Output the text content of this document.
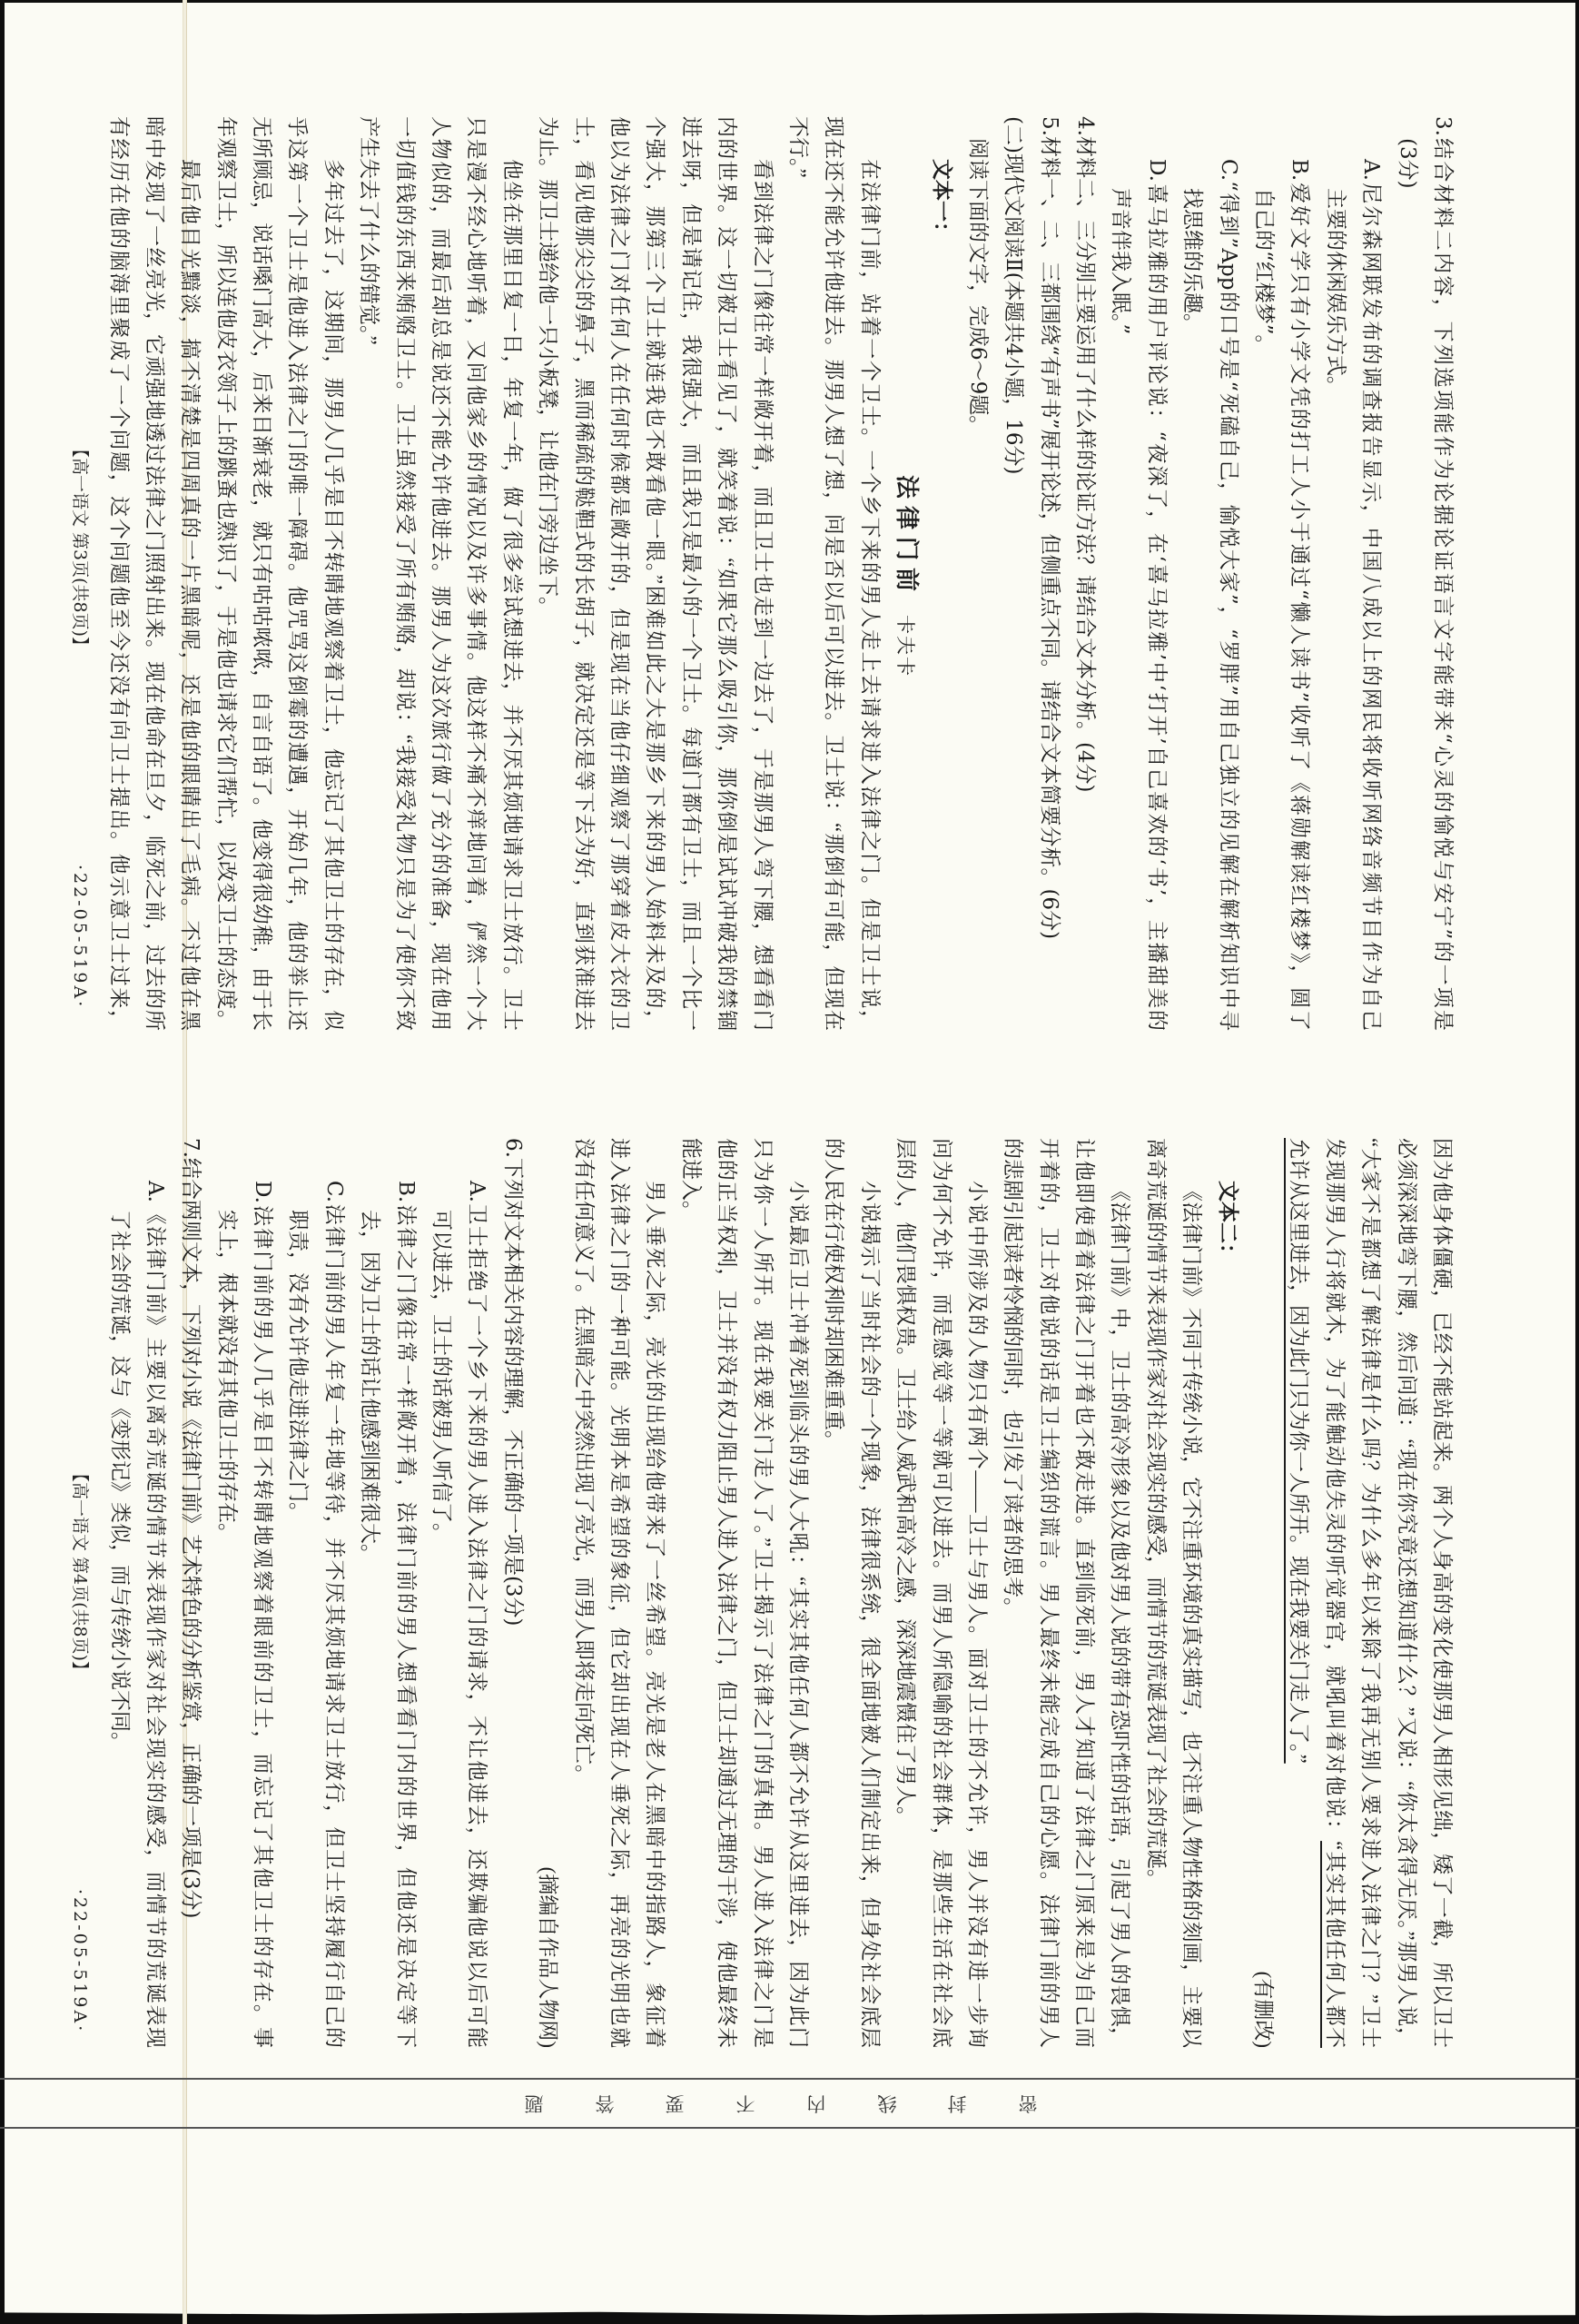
密
封
线
内
不
要
答
题
3.结合材料二内容，下列选项能作为论据论证语言文字能带来“心灵的愉悦与安宁”的一项是
(3分)
A.尼尔森网联发布的调查报告显示，中国八成以上的网民将收听网络音频节目作为自己
主要的休闲娱乐方式。
B.爱好文学只有小学文凭的打工人小于通过“懒人读书”收听了《蒋勋解读红楼梦》，圆了
自己的“红楼梦”。
C.“得到”App的口号是“死磕自己，愉悦大家”，“罗胖”用自己独立的见解在解析知识中寻
找思维的乐趣。
D.喜马拉雅的用户评论说：“夜深了，在‘喜马拉雅’中‘打开’自己喜欢的‘书’，主播甜美的
声音伴我入眠。”
4.材料二、三分别主要运用了什么样的论证方法？请结合文本分析。(4分)
5.材料一、二、三都围绕“有声书”展开论述，但侧重点不同。请结合文本简要分析。(6分)
(二)现代文阅读Ⅱ(本题共4小题，16分)
阅读下面的文字，完成6～9题。
文本一：
法律门前卡夫卡
在法律门前，站着一个卫士。一个乡下来的男人走上去请求进入法律之门。但是卫士说，
现在还不能允许他进去。那男人想了想，问是否以后可以进去。卫士说：“那倒有可能，但现在
不行。”
看到法律之门像往常一样敞开着，而且卫士也走到一边去了，于是那男人弯下腰，想看看门
内的世界。这一切被卫士看见了，就笑着说：“如果它那么吸引你，那你倒是试试冲破我的禁锢
进去呀，但是请记住，我很强大，而且我只是最小的一个卫士。每道门都有卫士，而且一个比一
个强大，那第三个卫士就连我也不敢看他一眼。”困难如此之大是那乡下来的男人始料未及的，
他以为法律之门对任何人在任何时候都是敞开的，但是现在当他仔细观察了那穿着皮大衣的卫
士，看见他那尖尖的鼻子，黑而稀疏的鞑靼式的长胡子，就决定还是等下去为好，直到获准进去
为止。那卫士递给他一只小板凳，让他在门旁边坐下。
他坐在那里日复一日，年复一年，做了很多尝试想进去，并不厌其烦地请求卫士放行。卫士
只是漫不经心地听着，又问他家乡的情况以及许多事情。他这样不痛不痒地问着，俨然一个大
人物似的，而最后却总是说还不能允许他进去。那男人为这次旅行做了充分的准备，现在他用
一切值钱的东西来贿赂卫士。卫士虽然接受了所有贿赂，却说：“我接受礼物只是为了使你不致
产生失去了什么的错觉。”
多年过去了，这期间，那男人几乎是目不转睛地观察着卫士，他忘记了其他卫士的存在，似
乎这第一个卫士是他进入法律之门的唯一障碍。他咒骂这倒霉的遭遇，开始几年，他的举止还
无所顾忌，说话嗓门高大，后来日渐衰老，就只有咕咕哝哝，自言自语了。他变得很幼稚，由于长
年观察卫士，所以连他皮衣领子上的跳蚤也熟识了，于是他也请求它们帮忙，以改变卫士的态度。
最后他目光黯淡，搞不清楚是四周真的一片黑暗呢，还是他的眼睛出了毛病。不过他在黑
暗中发现了一丝亮光，它顽强地透过法律之门照射出来。现在他命在旦夕，临死之前，过去的所
有经历在他的脑海里聚成了一个问题，这个问题他至今还没有向卫士提出。他示意卫士过来，
【高一语文 第3页(共8页)】
·22-05-519A·
因为他身体僵硬，已经不能站起来。两个人身高的变化使那男人相形见绌，矮了一截，所以卫士
必须深深地弯下腰，然后问道：“现在你究竟还想知道什么？”又说：“你太贪得无厌。”那男人说，
“大家不是都想了解法律是什么吗？为什么多年以来除了我再无别人要求进入法律之门？”卫士
发现那男人行将就木，为了能触动他失灵的听觉器官，就吼叫着对他说：“其实其他任何人都不
允许从这里进去，因为此门只为你一人所开。现在我要关门走人了。”
(有删改)
文本二：
《法律门前》不同于传统小说，它不注重环境的真实描写，也不注重人物性格的刻画，主要以
离奇荒诞的情节来表现作家对社会现实的感受，而情节的荒诞表现了社会的荒诞。
《法律门前》中，卫士的高冷形象以及他对男人说的带有恐吓性的话语，引起了男人的畏惧，
让他即使看着法律之门开着也不敢走进。直到临死前，男人才知道了法律之门原来是为自己而
开着的，卫士对他说的话是卫士编织的谎言。男人最终未能完成自己的心愿。法律门前的男人
的悲剧引起读者怜悯的同时，也引发了读者的思考。
小说中所涉及的人物只有两个——卫士与男人。面对卫士的不允许，男人并没有进一步询
问为何不允许，而是感觉等一等就可以进去。而男人所隐喻的社会群体，是那些生活在社会底
层的人，他们畏惧权贵。卫士给人威武和高冷之感，深深地震慑住了男人。
小说揭示了当时社会的一个现象，法律很系统，很全面地被人们制定出来，但身处社会底层
的人民在行使权利时却困难重重。
小说最后卫士冲着死到临头的男人大吼：“其实其他任何人都不允许从这里进去，因为此门
只为你一人所开。现在我要关门走人了。”卫士揭示了法律之门的真相。男人进入法律之门是
他的正当权利，卫士并没有权力阻止男人进入法律之门，但卫士却通过无理的干涉，使他最终未
能进入。
男人垂死之际，亮光的出现给他带来了一丝希望。亮光是老人在黑暗中的指路人，象征着
进入法律之门的一种可能。光明本是希望的象征，但它却出现在人垂死之际，再亮的光明也就
没有任何意义了。在黑暗之中突然出现了亮光，而男人即将走向死亡。
(摘编自作品人物网)
6.下列对文本相关内容的理解，不正确的一项是(3分)
A.卫士拒绝了一个乡下来的男人进入法律之门的请求，不让他进去，还欺骗他说以后可能
可以进去，卫士的话被男人听信了。
B.法律之门像往常一样敞开着，法律门前的男人想看看门内的世界，但他还是决定等下
去，因为卫士的话让他感到困难很大。
C.法律门前的男人年复一年地等待，并不厌其烦地请求卫士放行，但卫士坚持履行自己的
职责，没有允许他走进法律之门。
D.法律门前的男人几乎是目不转睛地观察着眼前的卫士，而忘记了其他卫士的存在。事
实上，根本就没有其他卫士的存在。
7.结合两则文本，下列对小说《法律门前》艺术特色的分析鉴赏，正确的一项是(3分)
A.《法律门前》主要以离奇荒诞的情节来表现作家对社会现实的感受，而情节的荒诞表现
了社会的荒诞，这与《变形记》类似，而与传统小说不同。
【高一语文 第4页(共8页)】
·22-05-519A·
